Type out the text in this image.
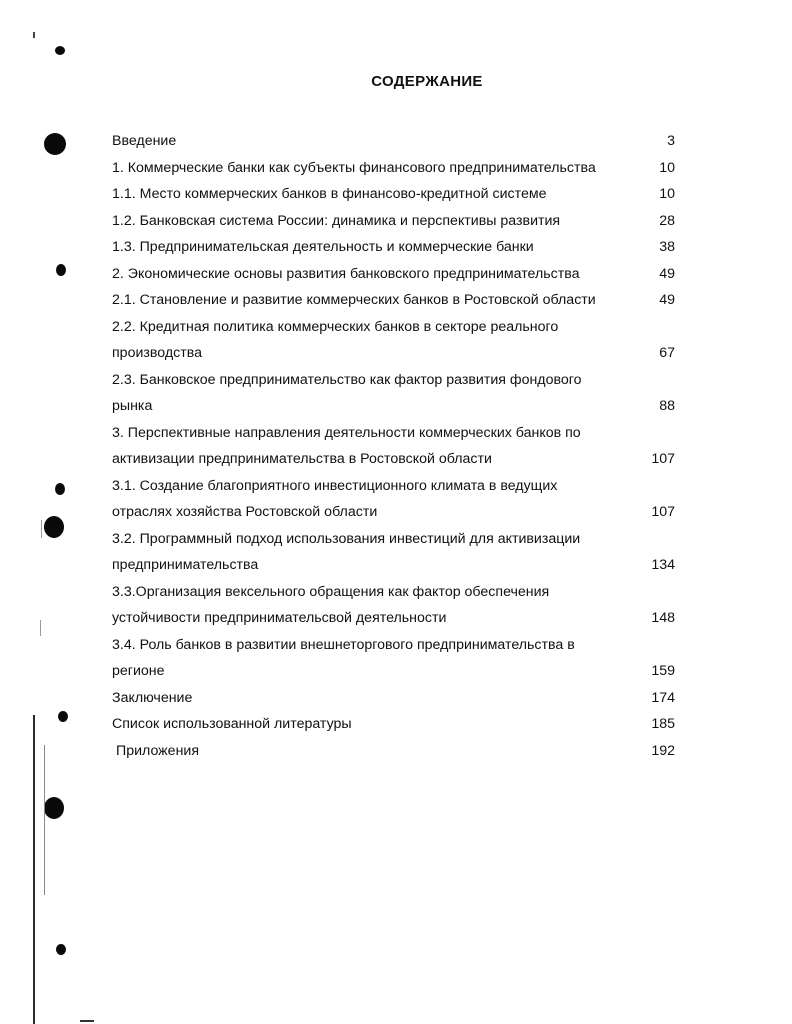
СОДЕРЖАНИЕ
Введение	3
1. Коммерческие банки как субъекты финансового предпринимательства	10
1.1. Место коммерческих банков в финансово-кредитной системе	10
1.2. Банковская система России: динамика и перспективы развития	28
1.3. Предпринимательская деятельность и коммерческие банки	38
2. Экономические основы развития банковского предпринимательства	49
2.1. Становление и развитие коммерческих банков в Ростовской области	49
2.2. Кредитная политика коммерческих банков в секторе реального
производства	67
2.3. Банковское предпринимательство как фактор развития фондового
рынка	88
3. Перспективные направления деятельности коммерческих банков по
активизации предпринимательства в Ростовской области	107
3.1. Создание благоприятного инвестиционного климата в ведущих
отраслях хозяйства Ростовской области	107
3.2. Программный подход использования инвестиций для активизации
предпринимательства	134
3.3.Организация вексельного обращения как фактор обеспечения
устойчивости предпринимательсвой деятельности	148
3.4. Роль банков в развитии внешнеторгового предпринимательства в
регионе	159
Заключение	174
Список использованной литературы	185
Приложения	192
